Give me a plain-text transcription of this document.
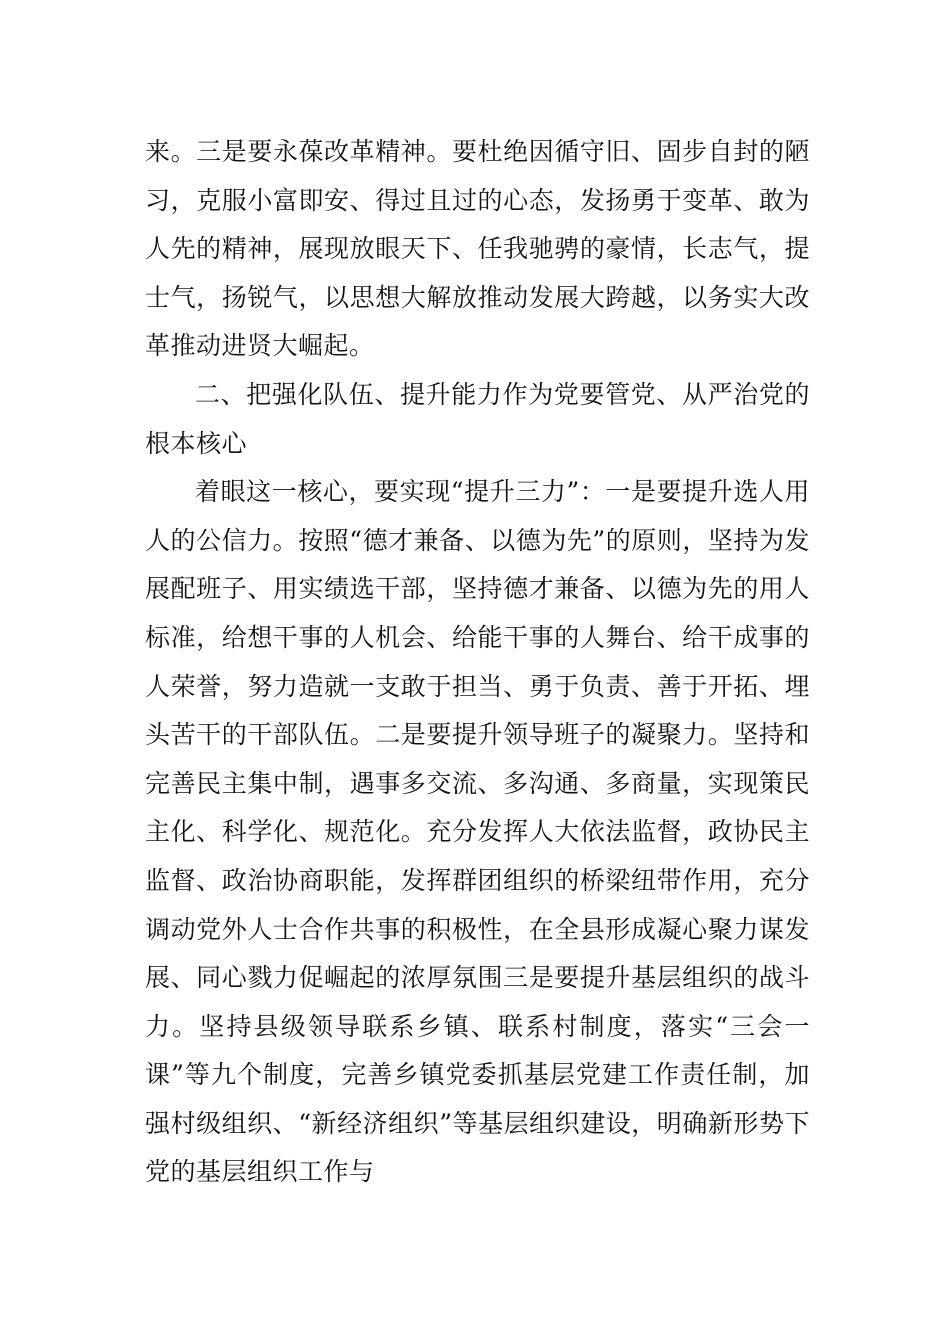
来。三是要永葆改革精神。要杜绝因循守旧、固步自封的陋习，克服小富即安、得过且过的心态，发扬勇于变革、敢为人先的精神，展现放眼天下、任我驰骋的豪情，长志气，提士气，扬锐气，以思想大解放推动发展大跨越，以务实大改革推动进贤大崛起。

二、把强化队伍、提升能力作为党要管党、从严治党的根本核心

着眼这一核心，要实现“提升三力”：一是要提升选人用人的公信力。按照“德才兼备、以德为先”的原则，坚持为发展配班子、用实绩选干部，坚持德才兼备、以德为先的用人标准，给想干事的人机会、给能干事的人舞台、给干成事的人荣誉，努力造就一支敢于担当、勇于负责、善于开拓、埋头苦干的干部队伍。二是要提升领导班子的凝聚力。坚持和完善民主集中制，遇事多交流、多沟通、多商量，实现策民主化、科学化、规范化。充分发挥人大依法监督，政协民主监督、政治协商职能，发挥群团组织的桥梁纽带作用，充分调动党外人士合作共事的积极性，在全县形成凝心聚力谋发展、同心戮力促崛起的浓厚氛围三是要提升基层组织的战斗力。坚持县级领导联系乡镇、联系村制度，落实“三会一课”等九个制度，完善乡镇党委抓基层党建工作责任制，加强村级组织、“新经济组织”等基层组织建设，明确新形势下党的基层组织工作与
